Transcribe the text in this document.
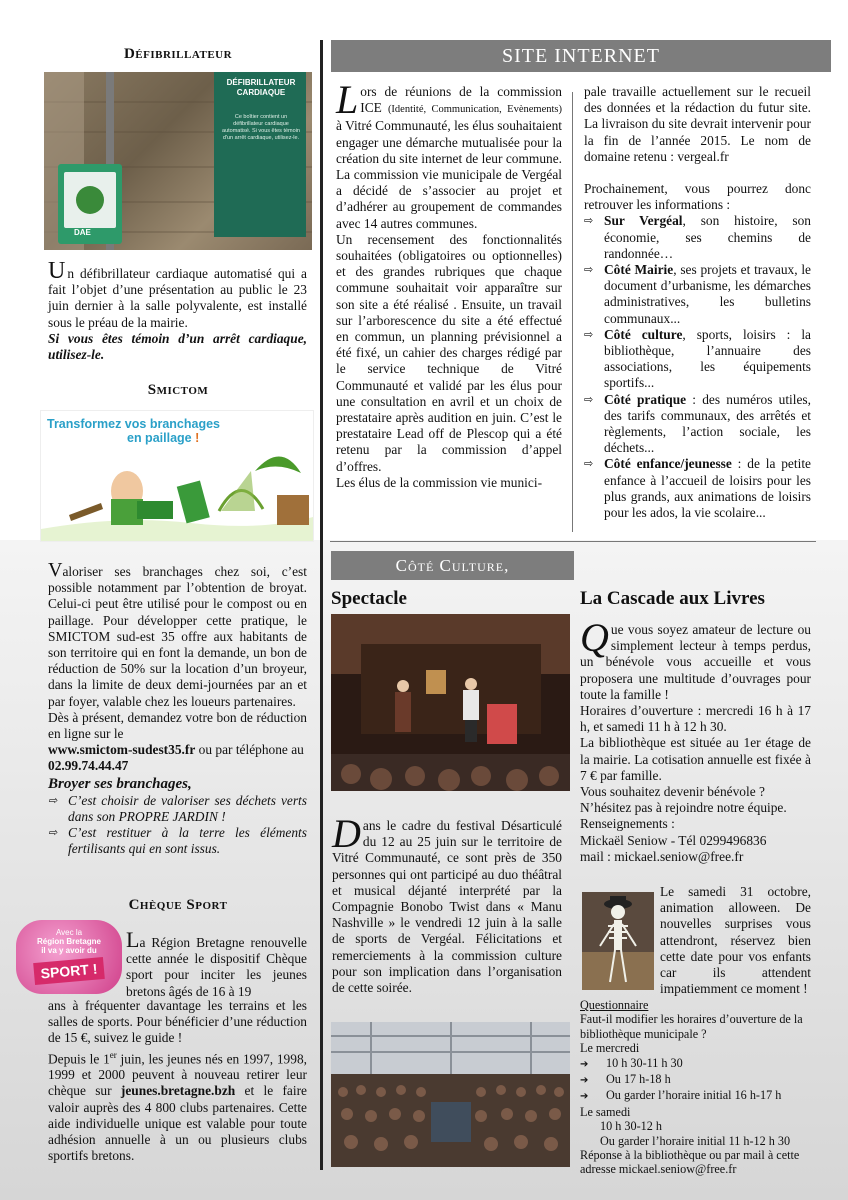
Défibrillateur
DÉFIBRILLATEUR CARDIAQUE
Ce boîtier contient un défibrillateur cardiaque automatisé. Si vous êtes témoin d'un arrêt cardiaque, utilisez-le.
DAE
Un défibrillateur cardiaque automatisé qui a fait l’objet d’une présentation au public le 23 juin dernier à la salle polyvalente, est installé sous le préau de la mairie.

Si vous êtes témoin d’un arrêt cardiaque, utilisez-le.

Smictom
Transformez vos branchages
en paillage !
Valoriser ses branchages chez soi, c’est possible notamment par l’obtention de broyat. Celui-ci peut être utilisé pour le compost ou en paillage. Pour développer cette pratique, le SMICTOM sud-est 35 offre aux habitants de son territoire qui en font la demande, un bon de réduction de 50% sur la location d’un broyeur, dans la limite de deux demi-journées par an et par foyer, valable chez les loueurs partenaires.

Dès à présent, demandez votre bon de réduction en ligne sur le

www.smictom-sudest35.fr ou par téléphone au

02.99.74.44.47

Broyer ses branchages,

⇨ C’est choisir de valoriser ses déchets verts dans son PROPRE JARDIN !
⇨ C’est restituer à la terre les éléments fertilisants qui en sont issus.
Chèque Sport
Avec la
Région Bretagne
il va y avoir du
SPORT !
La Région Bretagne renouvelle cette année le dispositif Chèque sport pour inciter les jeunes bretons âgés de 16 à 19

ans à fréquenter davantage les terrains et les salles de sports. Pour bénéficier d’une réduction de 15 €, suivez le guide !

Depuis le 1er juin, les jeunes nés en 1997, 1998, 1999 et 2000 peuvent à nouveau retirer leur chèque sur jeunes.bretagne.bzh et le faire valoir auprès des 4 800 clubs partenaires. Cette aide individuelle unique est valable pour toute adhésion annuelle à un ou plusieurs clubs sportifs bretons.

SITE INTERNET
Lors de réunions de la commission ICE (Identité, Communication, Evènements) à Vitré Communauté, les élus souhaitaient engager une démarche mutualisée pour la création du site internet de leur commune. La commission vie municipale de Vergéal a décidé de s’associer au projet et d’adhérer au groupement de commandes avec 14 autres communes.

Un recensement des fonctionnalités souhaitées (obligatoires ou optionnelles) et des grandes rubriques que chaque commune souhaitait voir apparaître sur son site a été réalisé . Ensuite, un travail sur l’arborescence du site a été effectué en commun, un planning prévisionnel a été fixé, un cahier des charges rédigé par le service technique de Vitré Communauté et validé par les élus pour une consultation en avril et un choix de prestataire après audition en juin. C’est le prestataire Lead off de Plescop qui a été retenu par la commission d’appel d’offres.

Les élus de la commission vie munici-

pale travaille actuellement sur le recueil des données et la rédaction du futur site. La livraison du site devrait intervenir pour la fin de l’année 2015. Le nom de domaine retenu : vergeal.fr

Prochainement, vous pourrez donc retrouver les informations :

⇨ Sur Vergéal, son histoire, son économie, ses chemins de randonnée…
⇨ Côté Mairie, ses projets et travaux, le document d’urbanisme, les démarches administratives, les bulletins communaux...
⇨ Côté culture, sports, loisirs : la bibliothèque, l’annuaire des associations, les équipements sportifs...
⇨ Côté pratique : des numéros utiles, des tarifs communaux, des arrêtés et règlements, l’action sociale, les déchets...
⇨ Côté enfance/jeunesse : de la petite enfance à l’accueil de loisirs pour les plus grands, aux animations de loisirs pour les ados, la vie scolaire...
Côté Culture,
Spectacle
Dans le cadre du festival Désarticulé du 12 au 25 juin sur le territoire de Vitré Communauté, ce sont près de 350 personnes qui ont participé au duo théâtral et musical déjanté interprété par la Compagnie Bonobo Twist dans « Manu Nashville » le vendredi 12 juin à la salle de sports de Vergéal. Félicitations et remerciements à la commission culture pour son implication dans l’organisation de cette soirée.
La Cascade aux Livres
Que vous soyez amateur de lecture ou simplement lecteur à temps perdus, un bénévole vous accueille et vous proposera une multitude d’ouvrages pour toute la famille !

Horaires d’ouverture : mercredi 16 h à 17 h, et samedi 11 h à 12 h 30.

La bibliothèque est située au 1er étage de la mairie. La cotisation annuelle est fixée à 7 € par famille.

Vous souhaitez devenir bénévole ?

N’hésitez pas à rejoindre notre équipe.

Renseignements :

Mickaël Seniow - Tél 0299496836

mail : mickael.seniow@free.fr

Le samedi 31 octobre, animation alloween. De nouvelles surprises vous attendront, réservez bien cette date pour vos enfants car ils attendent impatiemment ce moment !
Questionnaire
Faut-il modifier les horaires d’ouverture de la bibliothèque municipale ?
Le mercredi
➔ 10 h 30-11 h 30
➔ Ou 17 h-18 h
➔ Ou garder l’horaire initial 16 h-17 h
Le samedi
10 h 30-12 h
Ou garder l’horaire initial 11 h-12 h 30
Réponse à la bibliothèque ou par mail à cette adresse mickael.seniow@free.fr
